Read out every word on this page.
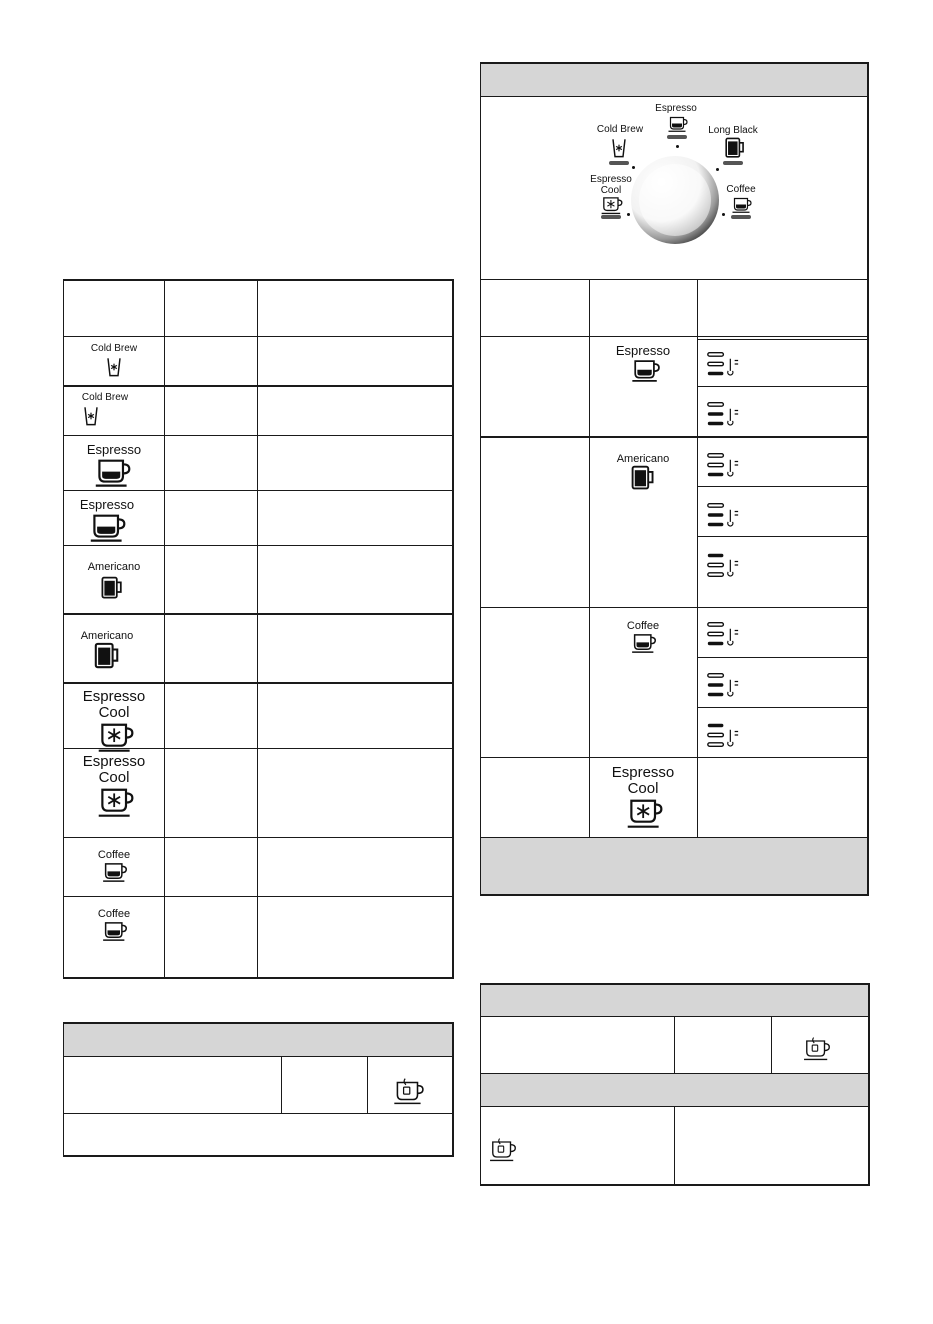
Cold Brew
Cold Brew
Espresso
Espresso
Americano
Americano
Espresso Cool
Espresso Cool
Coffee
Coffee
Espresso
Cold Brew	Long Black
Espresso
Cool	Coffee
Espresso
Americano
Coffee
Espresso
Cool
